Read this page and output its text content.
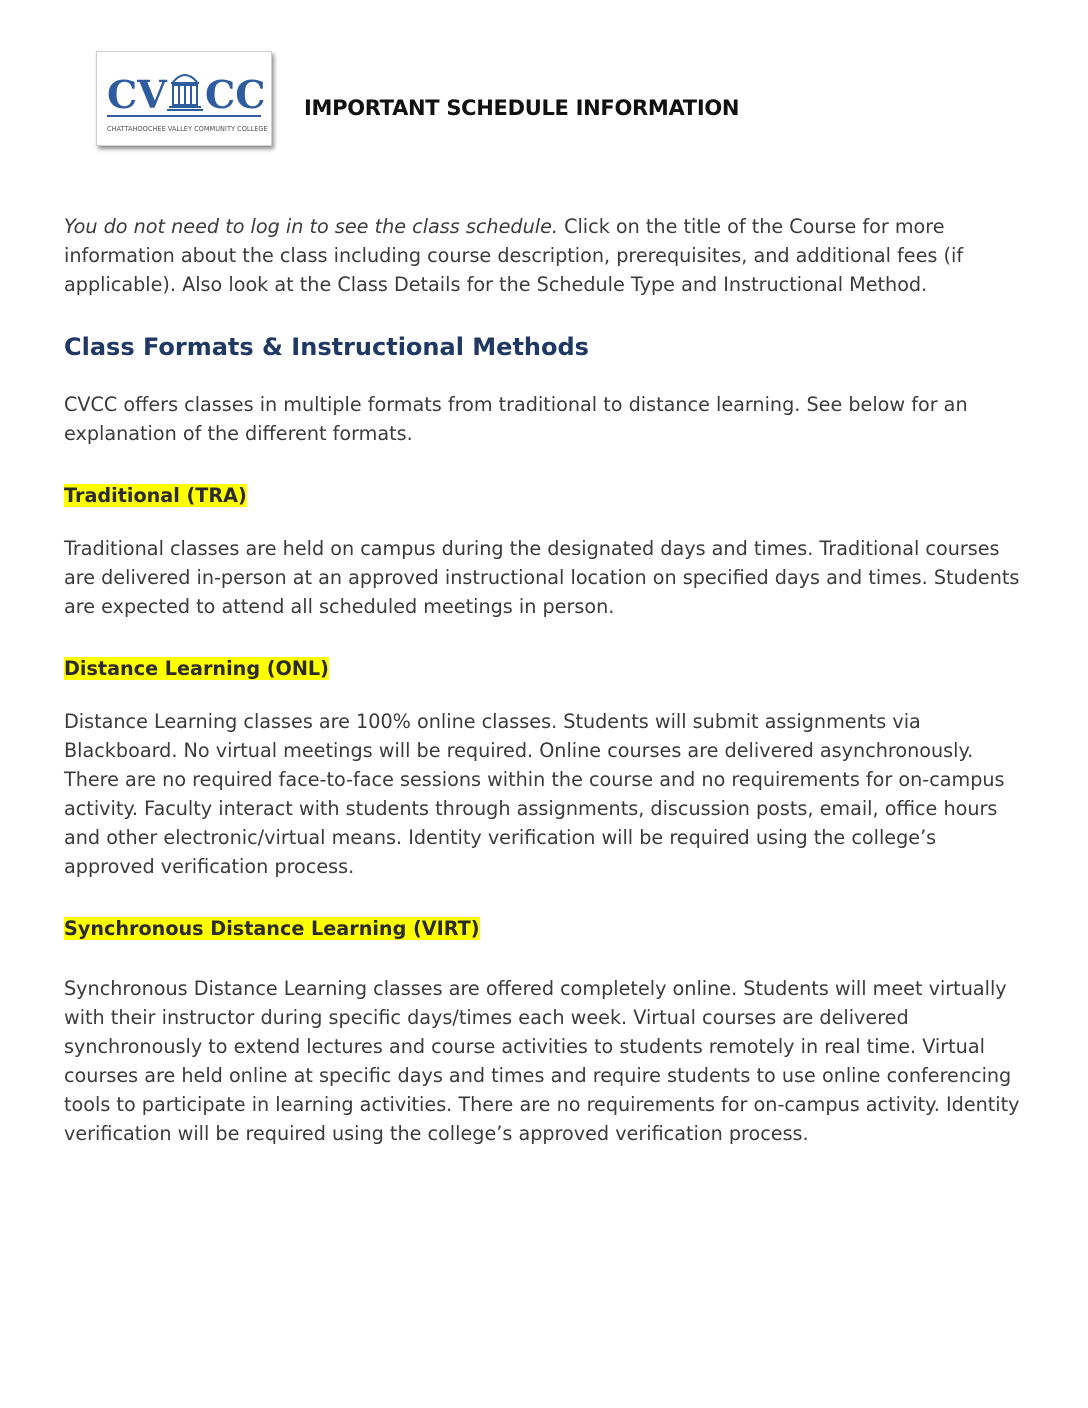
CV CC
CHATTAHOOCHEE VALLEY COMMUNITY COLLEGE
IMPORTANT SCHEDULE INFORMATION

You do not need to log in to see the class schedule. Click on the title of the Course for more information about the class including course description, prerequisites, and additional fees (if applicable). Also look at the Class Details for the Schedule Type and Instructional Method.

Class Formats & Instructional Methods

CVCC offers classes in multiple formats from traditional to distance learning. See below for an explanation of the different formats.

Traditional (TRA)

Traditional classes are held on campus during the designated days and times. Traditional courses are delivered in-person at an approved instructional location on specified days and times. Students are expected to attend all scheduled meetings in person.

Distance Learning (ONL)

Distance Learning classes are 100% online classes. Students will submit assignments via Blackboard. No virtual meetings will be required. Online courses are delivered asynchronously. There are no required face-to-face sessions within the course and no requirements for on-campus activity. Faculty interact with students through assignments, discussion posts, email, office hours and other electronic/virtual means. Identity verification will be required using the college’s approved verification process.

Synchronous Distance Learning (VIRT)

Synchronous Distance Learning classes are offered completely online. Students will meet virtually with their instructor during specific days/times each week. Virtual courses are delivered synchronously to extend lectures and course activities to students remotely in real time. Virtual courses are held online at specific days and times and require students to use online conferencing tools to participate in learning activities. There are no requirements for on-campus activity. Identity verification will be required using the college’s approved verification process.
